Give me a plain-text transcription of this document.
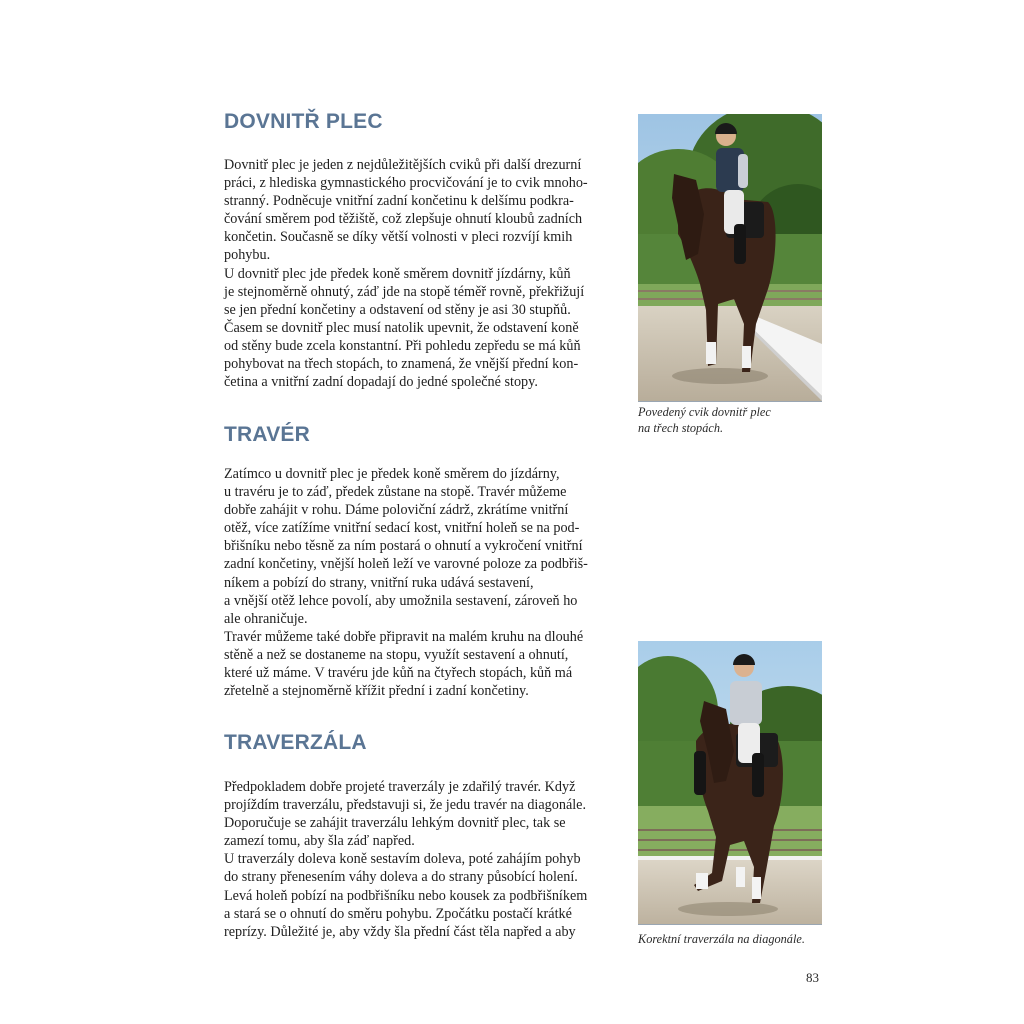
DOVNITŘ PLEC

Dovnitř plec je jeden z nejdůležitějších cviků při další drezurní
práci, z hlediska gymnastického procvičování je to cvik mnoho-
stranný. Podněcuje vnitřní zadní končetinu k delšímu podkra-
čování směrem pod těžiště, což zlepšuje ohnutí kloubů zadních
končetin. Současně se díky větší volnosti v pleci rozvíjí kmih
pohybu.
U dovnitř plec jde předek koně směrem dovnitř jízdárny, kůň
je stejnoměrně ohnutý, záď jde na stopě téměř rovně, překřižují
se jen přední končetiny a odstavení od stěny je asi 30 stupňů.
Časem se dovnitř plec musí natolik upevnit, že odstavení koně
od stěny bude zcela konstantní. Při pohledu zepředu se má kůň
pohybovat na třech stopách, to znamená, že vnější přední kon-
četina a vnitřní zadní dopadají do jedné společné stopy.

TRAVÉR

Zatímco u dovnitř plec je předek koně směrem do jízdárny,
u travéru je to záď, předek zůstane na stopě. Travér můžeme
dobře zahájit v rohu. Dáme poloviční zádrž, zkrátíme vnitřní
otěž, více zatížíme vnitřní sedací kost, vnitřní holeň se na pod-
břišníku nebo těsně za ním postará o ohnutí a vykročení vnitřní
zadní končetiny, vnější holeň leží ve varovné poloze za podbřiš-
níkem a pobízí do strany, vnitřní ruka udává sestavení,
a vnější otěž lehce povolí, aby umožnila sestavení, zároveň ho
ale ohraničuje.
Travér můžeme také dobře připravit na malém kruhu na dlouhé
stěně a než se dostaneme na stopu, využít sestavení a ohnutí,
které už máme. V travéru jde kůň na čtyřech stopách, kůň má
zřetelně a stejnoměrně křížit přední i zadní končetiny.

TRAVERZÁLA

Předpokladem dobře projeté traverzály je zdařilý travér. Když
projíždím traverzálu, představuji si, že jedu travér na diagonále.
Doporučuje se zahájit traverzálu lehkým dovnitř plec, tak se
zamezí tomu, aby šla záď napřed.
U traverzály doleva koně sestavím doleva, poté zahájím pohyb
do strany přenesením váhy doleva a do strany působící holení.
Levá holeň pobízí na podbřišníku nebo kousek za podbřišníkem
a stará se o ohnutí do směru pohybu. Zpočátku postačí krátké
reprízy. Důležité je, aby vždy šla přední část těla napřed a aby

Povedený cvik dovnitř plec
na třech stopách.

Korektní traverzála na diagonále.

83
